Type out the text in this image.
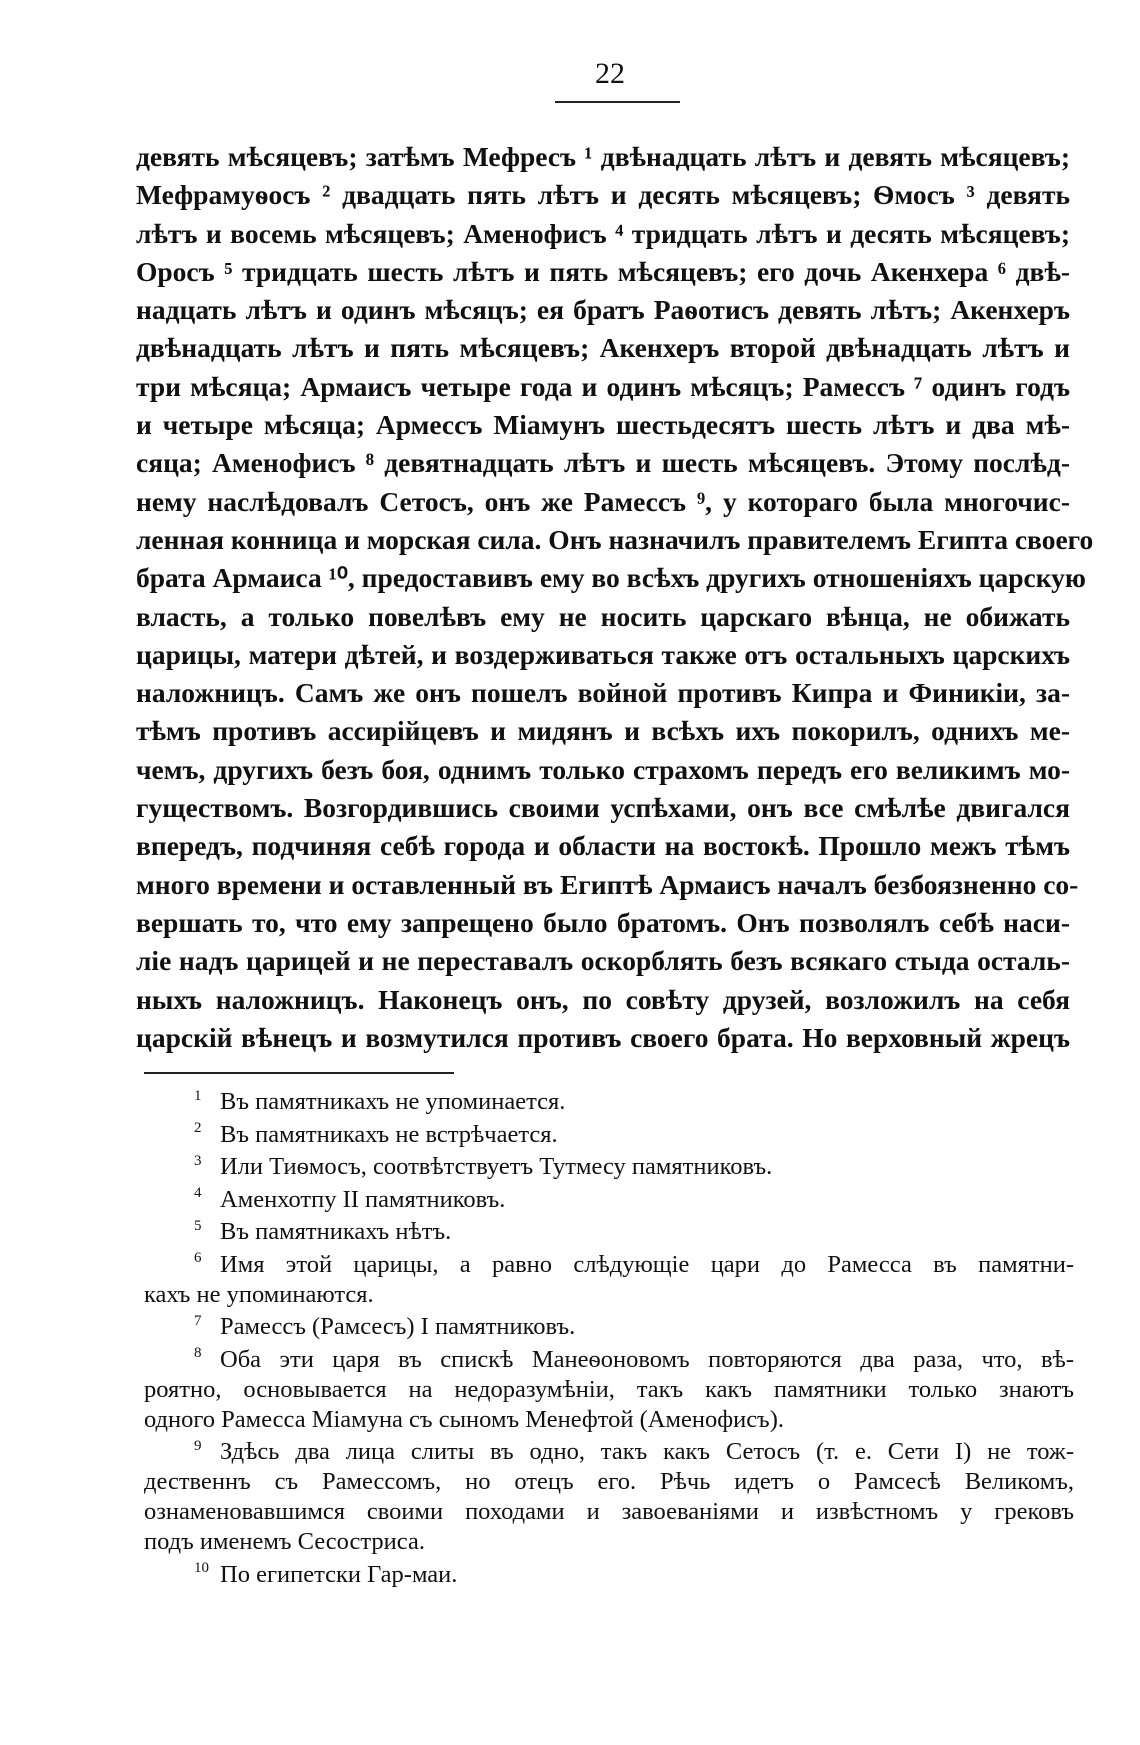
22
девять мѣсяцевъ; затѣмъ Мефресъ ¹ двѣнадцать лѣтъ и девять мѣсяцевъ;
Мефрамуѳосъ ² двадцать пять лѣтъ и десять мѣсяцевъ; Ѳмосъ ³ девять
лѣтъ и восемь мѣсяцевъ; Аменофисъ ⁴ тридцать лѣтъ и десять мѣсяцевъ;
Оросъ ⁵ тридцать шесть лѣтъ и пять мѣсяцевъ; его дочь Акенхера ⁶ двѣ-
надцать лѣтъ и одинъ мѣсяцъ; ея братъ Раѳотисъ девять лѣтъ; Акенхеръ
двѣнадцать лѣтъ и пять мѣсяцевъ; Акенхеръ второй двѣнадцать лѣтъ и
три мѣсяца; Армаисъ четыре года и одинъ мѣсяцъ; Рамессъ ⁷ одинъ годъ
и четыре мѣсяца; Армессъ Міамунъ шестьдесятъ шесть лѣтъ и два мѣ-
сяца; Аменофисъ ⁸ девятнадцать лѣтъ и шесть мѣсяцевъ. Этому послѣд-
нему наслѣдовалъ Сетосъ, онъ же Рамессъ ⁹, у котораго была многочис-
ленная конница и морская сила. Онъ назначилъ правителемъ Египта своего
брата Армаиса ¹⁰, предоставивъ ему во всѣхъ другихъ отношеніяхъ царскую
власть, а только повелѣвъ ему не носить царскаго вѣнца, не обижать
царицы, матери дѣтей, и воздерживаться также отъ остальныхъ царскихъ
наложницъ. Самъ же онъ пошелъ войной противъ Кипра и Финикіи, за-
тѣмъ противъ ассирійцевъ и мидянъ и всѣхъ ихъ покорилъ, однихъ ме-
чемъ, другихъ безъ боя, однимъ только страхомъ передъ его великимъ мо-
гуществомъ. Возгордившись своими успѣхами, онъ все смѣлѣе двигался
впередъ, подчиняя себѣ города и области на востокѣ. Прошло межъ тѣмъ
много времени и оставленный въ Египтѣ Армаисъ началъ безбоязненно со-
вершать то, что ему запрещено было братомъ. Онъ позволялъ себѣ наси-
ліе надъ царицей и не переставалъ оскорблять безъ всякаго стыда осталь-
ныхъ наложницъ. Наконецъ онъ, по совѣту друзей, возложилъ на себя
царскій вѣнецъ и возмутился противъ своего брата. Но верховный жрецъ
1 Въ памятникахъ не упоминается.
2 Въ памятникахъ не встрѣчается.
3 Или Тиѳмосъ, соотвѣтствуетъ Тутмесу памятниковъ.
4 Аменхотпу II памятниковъ.
5 Въ памятникахъ нѣтъ.
6 Имя этой царицы, а равно слѣдующіе цари до Рамесса въ памятни-
кахъ не упоминаются.
7 Рамессъ (Рамсесъ) I памятниковъ.
8 Оба эти царя въ спискѣ Манеѳоновомъ повторяются два раза, что, вѣ-
роятно, основывается на недоразумѣніи, такъ какъ памятники только знаютъ
одного Рамесса Міамуна съ сыномъ Менефтой (Аменофисъ).
9 Здѣсь два лица слиты въ одно, такъ какъ Сетосъ (т. е. Сети I) не тож-
дественнъ съ Рамессомъ, но отецъ его. Рѣчь идетъ о Рамсесѣ Великомъ,
ознаменовавшимся своими походами и завоеваніями и извѣстномъ у грековъ
подъ именемъ Сесостриса.
10 По египетски Гар-маи.
